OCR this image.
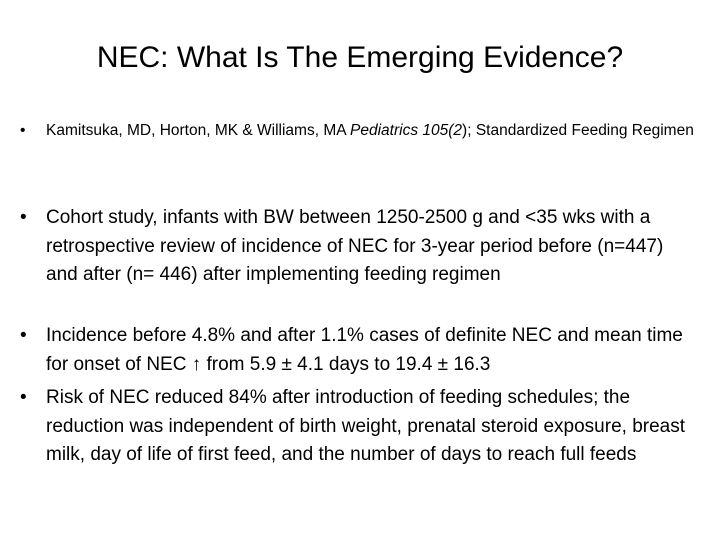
NEC: What Is The Emerging Evidence?
•	Kamitsuka, MD, Horton, MK & Williams, MA Pediatrics 105(2); Standardized Feeding Regimen
•	Cohort study, infants with BW between 1250-2500 g and <35 wks with a retrospective review of incidence of NEC for 3-year period before (n=447) and after (n= 446) after implementing feeding regimen
•	Incidence before 4.8% and after 1.1% cases of definite NEC and mean time for onset of NEC ↑ from 5.9 ± 4.1 days to 19.4 ± 16.3
•	Risk of NEC reduced 84% after introduction of feeding schedules; the reduction was independent of birth weight, prenatal steroid exposure, breast milk, day of life of first feed, and the number of days to reach full feeds
